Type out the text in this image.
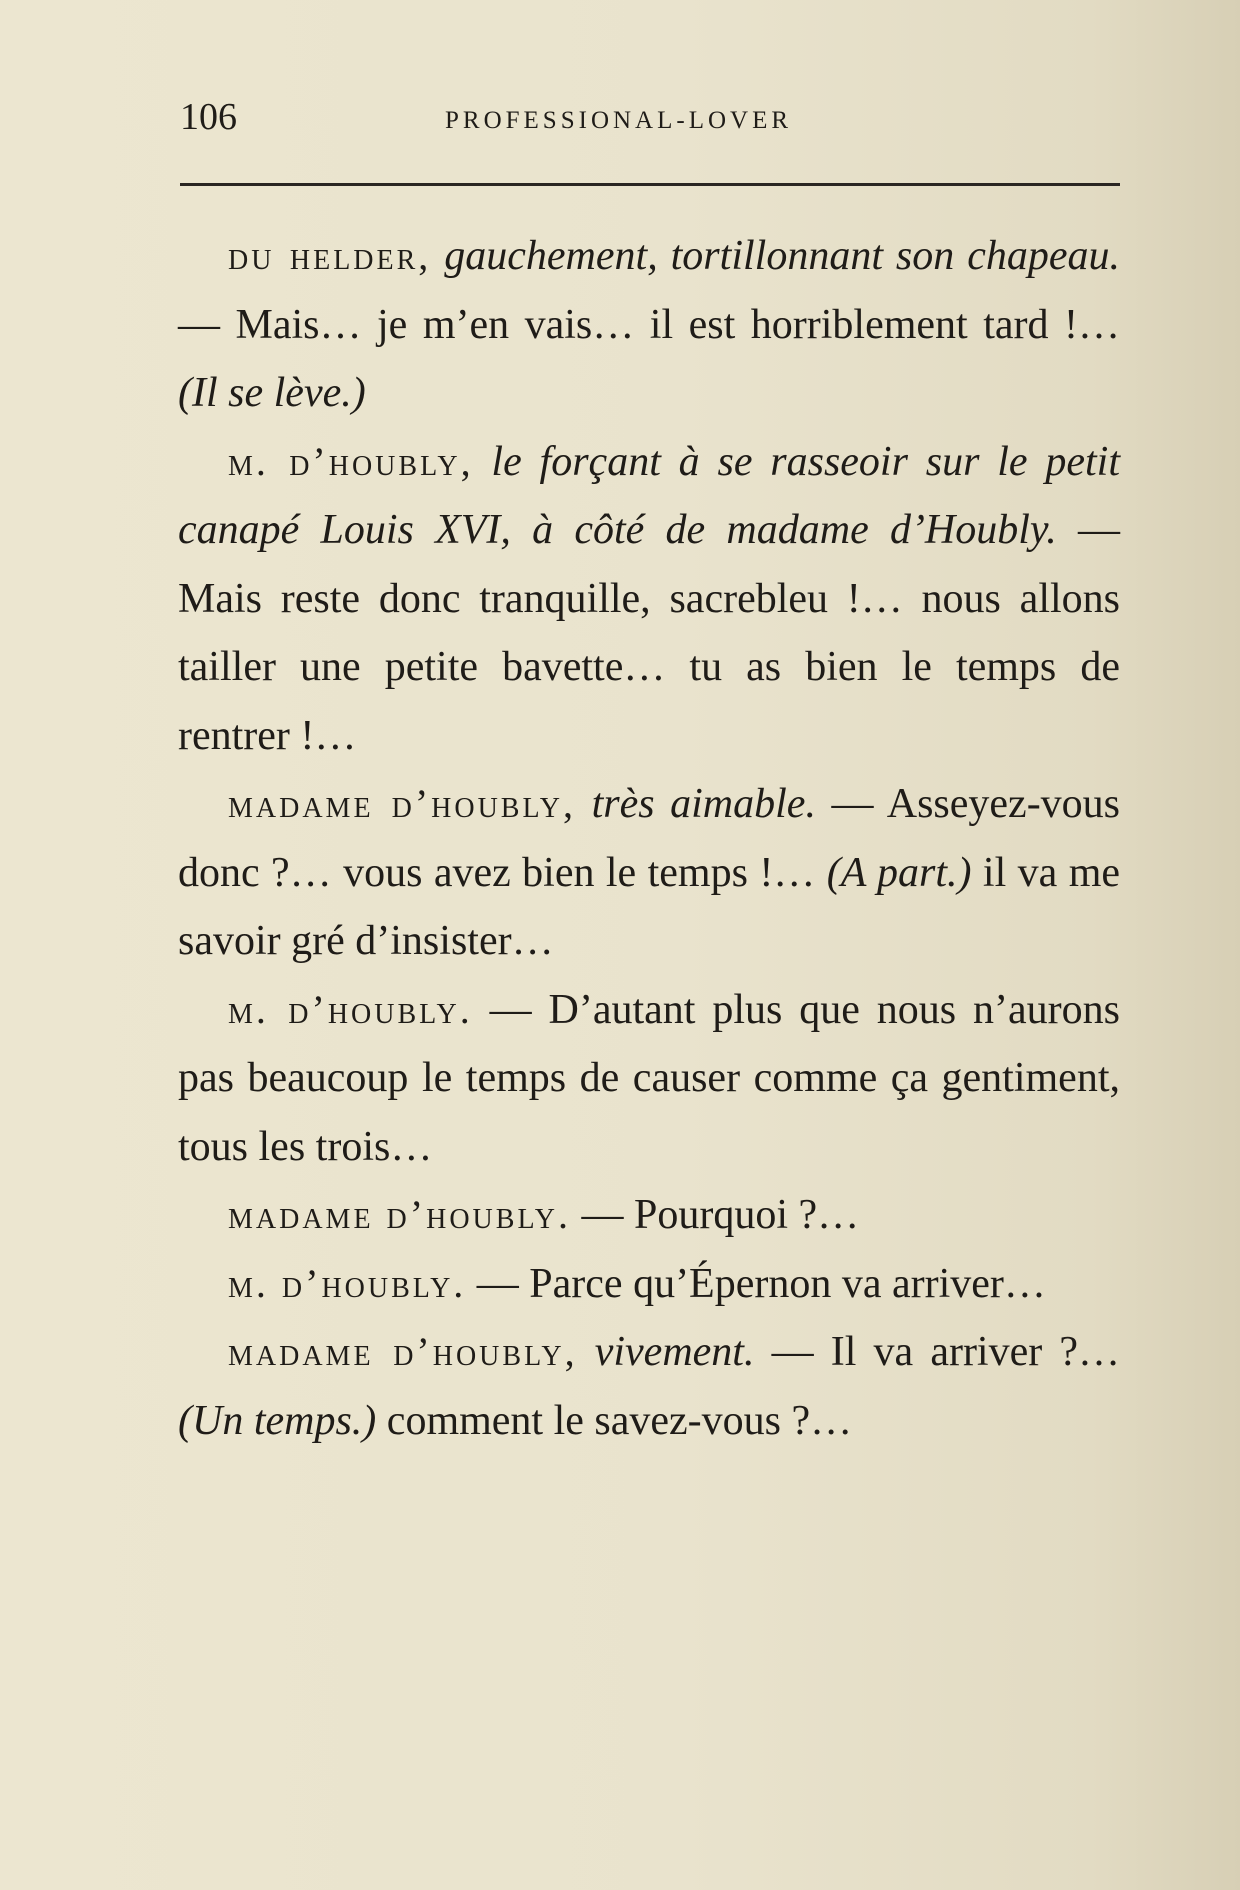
106	PROFESSIONAL-LOVER

du helder, gauchement, tortillonnant son chapeau. — Mais… je m’en vais… il est horriblement tard !… (Il se lève.)

m. d’houbly, le forçant à se rasseoir sur le petit canapé Louis XVI, à côté de madame d’Houbly. — Mais reste donc tranquille, sacrebleu !… nous allons tailler une petite bavette… tu as bien le temps de rentrer !…

madame d’houbly, très aimable. — Asseyez-vous donc ?… vous avez bien le temps !… (A part.) il va me savoir gré d’insister…

m. d’houbly. — D’autant plus que nous n’aurons pas beaucoup le temps de causer comme ça gentiment, tous les trois…

madame d’houbly. — Pourquoi ?…

m. d’houbly. — Parce qu’Épernon va arriver…

madame d’houbly, vivement. — Il va arriver ?… (Un temps.) comment le savez-vous ?…
